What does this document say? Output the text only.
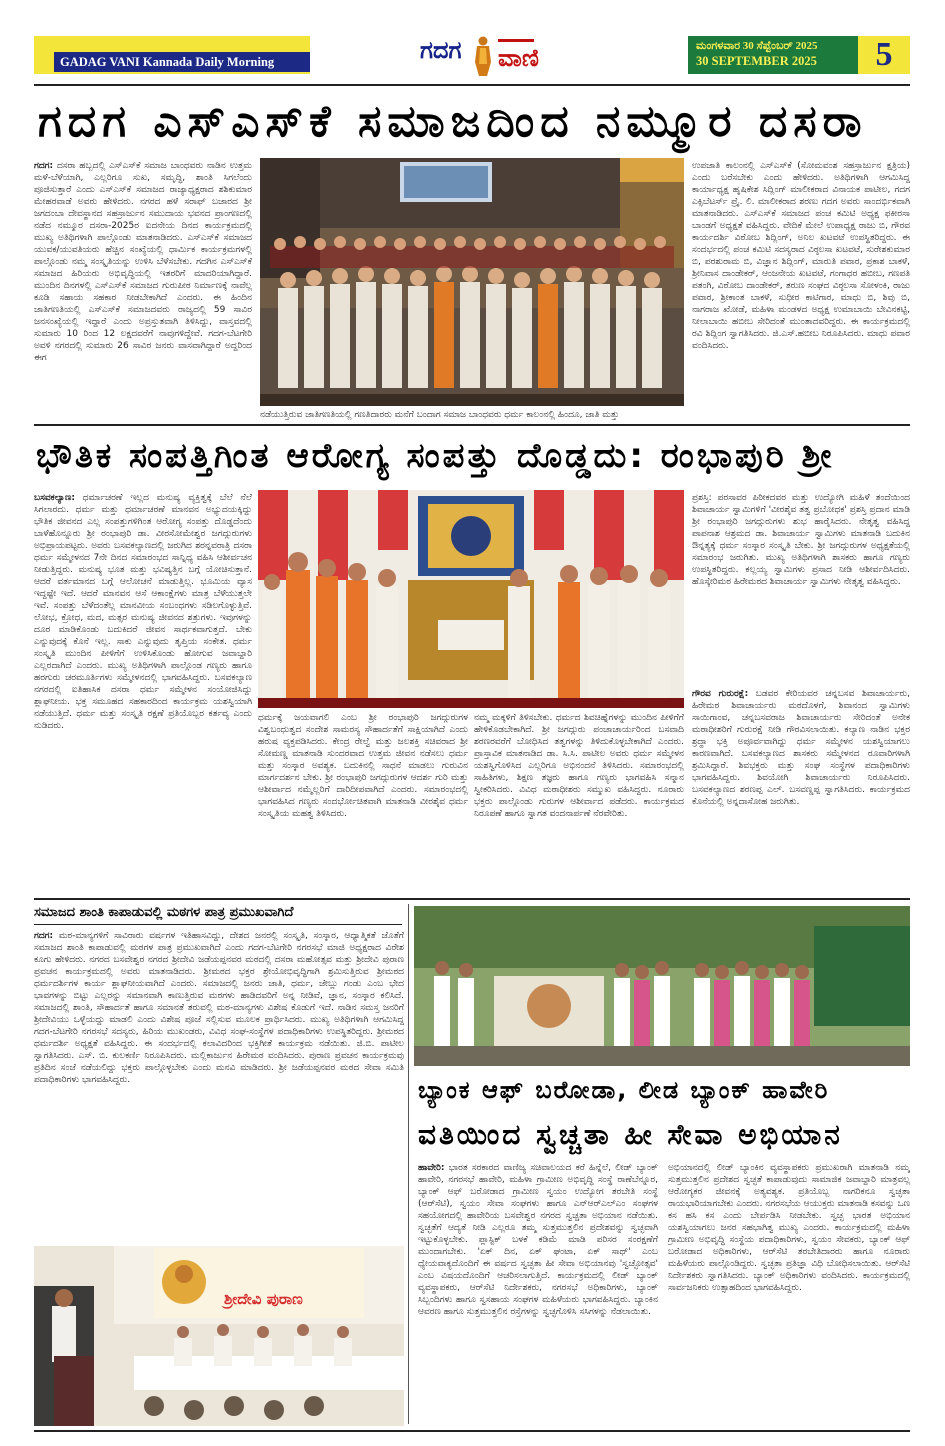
GADAG VANI Kannada Daily Morning	ಗದಗ ವಾಣಿ	ಮಂಗಳವಾರ 30 ಸೆಪ್ಟೆಂಬರ್ 2025
30 SEPTEMBER 2025	5
ಗದಗ ಎಸ್‌ಎಸ್‌ಕೆ ಸಮಾಜದಿಂದ ನಮ್ಮೂರ ದಸರಾ

ಗದಗ: ದಸರಾ ಹಬ್ಬದಲ್ಲಿ ಎಸ್‌ಎಸ್‌ಕೆ ಸಮಾಜ ಬಾಂಧವರು ನಾಡಿನ ಉತ್ತಮ ಮಳೆ-ಬೆಳೆಯಾಗಿ, ಎಲ್ಲರಿಗೂ ಸುಖ, ಸಮೃದ್ಧಿ, ಶಾಂತಿ ಸಿಗಲೆಂದು ಪೂಜಿಸುತ್ತಾರೆ ಎಂದು ಎಸ್‌ಎಸ್‌ಕೆ ಸಮಾಜದ ರಾಜ್ಯಾಧ್ಯಕ್ಷರಾದ ಶಶಿಕುಮಾರ ಮೇಹರವಾಡೆ ಅವರು ಹೇಳಿದರು. ನಗರದ ಹಳೆ ಸರಾಫ್ ಬಜಾರದ ಶ್ರೀ ಜಗದಂಬಾ ದೇವಸ್ಥಾನದ ಸಹಸ್ರಾರ್ಜುನ ಸಮುದಾಯ ಭವನದ ಪ್ರಾಂಗಣದಲ್ಲಿ ನಡೆದ ನಮ್ಮೂರ ದಸರಾ-2025ರ ಐದನೇಯ ದಿನದ ಕಾರ್ಯಕ್ರಮದಲ್ಲಿ ಮುಖ್ಯ ಅತಿಥಿಗಳಾಗಿ ಪಾಲ್ಗೊಂಡು ಮಾತನಾಡಿದರು. ಎಸ್‌ಎಸ್‌ಕೆ ಸಮಾಜದ ಯುವಕ/ಯುವತಿಯರು ಹೆಚ್ಚಿನ ಸಂಖ್ಯೆಯಲ್ಲಿ ಧಾರ್ಮಿಕ ಕಾರ್ಯಕ್ರಮಗಳಲ್ಲಿ ಪಾಲ್ಗೊಂಡು ನಮ್ಮ ಸಂಸ್ಕೃತಿಯನ್ನು ಉಳಿಸಿ ಬೆಳೆಸಬೇಕು. ಗದಗಿನ ಎಸ್‌ಎಸ್‌ಕೆ ಸಮಾಜದ ಹಿರಿಯರು ಅಭಿವೃದ್ಧಿಯಲ್ಲಿ ಇತರರಿಗೆ ಮಾದರಿಯಾಗಿದ್ದಾರೆ. ಮುಂದಿನ ದಿನಗಳಲ್ಲಿ ಎಸ್‌ಎಸ್‌ಕೆ ಸಮಾಜದ ಗುರುಪೀಠ ನಿರ್ಮಾಣಕ್ಕೆ ನಾವೆಲ್ಲ ಕೂಡಿ ಸಹಾಯ ಸಹಕಾರ ನೀಡಬೇಕಾಗಿದೆ ಎಂದರು. ಈ ಹಿಂದಿನ ಜಾತಿಗಣತಿಯಲ್ಲಿ ಎಸ್‌ಎಸ್‌ಕೆ ಸಮಾಜದವರು ರಾಜ್ಯದಲ್ಲಿ 59 ಸಾವಿರ ಜನಸಂಖ್ಯೆಯಲ್ಲಿ ಇದ್ದಾರೆ ಎಂದು ಅಪ್ರಸ್ತುತವಾಗಿ ತಿಳಿಸಿದ್ದು, ವಾಸ್ತವದಲ್ಲಿ ಸುಮಾರು 10 ರಿಂದ 12 ಲಕ್ಷದವರೆಗೆ ನಾವುಗಳಿದ್ದೇವೆ. ಗದಗ-ಬೆಟಗೇರಿ ಅವಳಿ ನಗರದಲ್ಲಿ ಸುಮಾರು 26 ಸಾವಿರ ಜನರು ವಾಸವಾಗಿದ್ದಾರೆ ಅದ್ದರಿಂದ ಈಗ

ನಡೆಯುತ್ತಿರುವ ಜಾತಿಗಣತಿಯಲ್ಲಿ ಗಣತಿದಾರರು ಮನೆಗೆ ಬಂದಾಗ ಸಮಾಜ ಬಾಂಧವರು ಧರ್ಮ ಕಾಲಂನಲ್ಲಿ ಹಿಂದೂ, ಜಾತಿ ಮತ್ತು
ಉಪಜಾತಿ ಕಾಲಂನಲ್ಲಿ ಎಸ್‌ಎಸ್‌ಕೆ (ಸೋಮವಂಶ ಸಹಸ್ರಾರ್ಜುನ ಕ್ಷತ್ರಿಯ) ಎಂದು ಬರೆಸಬೇಕು ಎಂದು ಹೇಳಿದರು. ಅತಿಥಿಗಳಾಗಿ ಆಗಮಿಸಿದ್ದ ಕಾರ್ಯಾಧ್ಯಕ್ಷ ಹೃಷಿಕೇಶ ಸಿದ್ಲಿಂಗ್ ಮಾಲೀಕರಾದ ವಿನಾಯಕ ಪಾಟೀಲ, ಗದಗ ಎಕ್ಸಿಬೆಟರ್ಸ್ ಪ್ರೈ. ಲಿ. ಮಾಲೀಕರಾದ ಶರಣು ಗದಗ ಅವರು ಸಾಂದರ್ಭಿಕವಾಗಿ ಮಾತನಾಡಿದರು. ಎಸ್‌ಎಸ್‌ಕೆ ಸಮಾಜದ ಪಂಚ ಕಮಿಟಿ ಅಧ್ಯಕ್ಷ ಫಕೀರಸಾ ಬಾಂಡಗೆ ಅಧ್ಯಕ್ಷತೆ ವಹಿಸಿದ್ದರು. ವೇದಿಕೆ ಮೇಲೆ ಉಪಾಧ್ಯಕ್ಷ ರಾಜು ಬಿ, ಗೌರವ ಕಾರ್ಯದರ್ಶಿ ವಿಠೋಬ ಶಿದ್ಲಿಂಗ್, ಅನಿಲ ಖಟವಟೆ ಉಪಸ್ಥಿತರಿದ್ದರು. ಈ ಸಂದರ್ಭದಲ್ಲಿ ಪಂಚ ಕಮಿಟಿ ಸದಸ್ಯರಾದ ವಿಠ್ಠಲಸಾ ಖಟವಟೆ, ಸುರೇಶಕುಮಾರ ಬಿ, ಪರಶುರಾಮ ಬಿ, ವಿಜ್ಞಾನ ಶಿದ್ಲಿಂಗ್, ಮಾರುತಿ ಪವಾರ, ಪ್ರಕಾಶ ಬಾಕಳೆ, ಶ್ರೀನಿವಾಸ ದಾಂಡೇಕರ್, ಆಂಜನೇಯ ಖಟವಟೆ, ಗಂಗಾಧರ ಹಬೀಬ, ಗಣಪತಿ ಪತಂಗಿ, ವಿಠೋಬ ದಾಂಡೇಕರ್, ತರುಣ ಸಂಘದ ವಿಠ್ಠಲಸಾ ಸೋಳಂಕಿ, ರಾಜು ಪವಾರ, ಶ್ರೀಕಾಂತ ಬಾಕಳೆ, ಸುಧೀರ ಕಾಟಿಗಾರ, ಮಾಧು ಬಿ, ಶಿವು ಬಿ, ನಾಗರಾಜ ಖೋಡೆ, ಮಹಿಳಾ ಮಂಡಳದ ಅಧ್ಯಕ್ಷ ಉಮಾಬಾಯಿ ಬೇವಿನಕಟ್ಟಿ, ನೀಲಾಬಾಯಿ ಹಬೀಬ ಸೇರಿದಂತೆ ಮುಂತಾದವರಿದ್ದರು. ಈ ಕಾರ್ಯಕ್ರಮದಲ್ಲಿ ರವಿ ಶಿದ್ಲಿಂಗ ಸ್ವಾಗತಿಸಿದರು. ಜಿ.ಎಸ್.ಹಬೀಬ ನಿರೂಪಿಸಿದರು. ಮಾಧು ಪವಾರ ವಂದಿಸಿದರು.
ಭೌತಿಕ ಸಂಪತ್ತಿಗಿಂತ ಆರೋಗ್ಯ ಸಂಪತ್ತು ದೊಡ್ಡದು: ರಂಭಾಪುರಿ ಶ್ರೀ

ಬಸವಕಲ್ಯಾಣ: ಧರ್ಮಾಚರಣೆ ಇಲ್ಲದ ಮನುಷ್ಯ ವ್ಯಕ್ತಿತ್ವಕ್ಕೆ ಬೆಲೆ ನೆಲೆ ಸಿಗಲಾರದು. ಧರ್ಮ ಮತ್ತು ಧರ್ಮಾಚರಣೆ ಮಾನವನ ಅಭ್ಯುದಯಕ್ಕಿದ್ದು ಭೌತಿಕ ಜೀವನದ ಎಲ್ಲ ಸಂಪತ್ತುಗಳಿಗಿಂತ ಆರೋಗ್ಯ ಸಂಪತ್ತು ದೊಡ್ಡದೆಂದು ಬಾಳೆಹೊನ್ನೂರು ಶ್ರೀ ರಂಭಾಪುರಿ ಡಾ. ವೀರಸೋಮೇಶ್ವರ ಜಗದ್ಗುರುಗಳು ಅಭಿಪ್ರಾಯಪಟ್ಟರು. ಅವರು ಬಸವಕಲ್ಯಾಣದಲ್ಲಿ ಜರುಗಿದ ಶರನ್ನವರಾತ್ರಿ ದಸರಾ ಧರ್ಮ ಸಮ್ಮೇಳನದ 7ನೇ ದಿನದ ಸಮಾರಂಭದ ಸಾನ್ನಿಧ್ಯ ವಹಿಸಿ ಆಶೀರ್ವಚನ ನೀಡುತ್ತಿದ್ದರು. ಮನುಷ್ಯ ಭೂತ ಮತ್ತು ಭವಿಷ್ಯತ್ತಿನ ಬಗ್ಗೆ ಯೋಚಿಸುತ್ತಾನೆ. ಆದರೆ ವರ್ತಮಾನದ ಬಗ್ಗೆ ಆಲೋಚನೆ ಮಾಡುತ್ತಿಲ್ಲ. ಭೂಮಿಯ ವ್ಯಾಸ ಇದ್ದಷ್ಟೇ ಇದೆ. ಆದರೆ ಮಾನವನ ಆಸೆ ಆಕಾಂಕ್ಷೆಗಳು ಮಾತ್ರ ಬೆಳೆಯುತ್ತಲೇ ಇವೆ. ಸಂಪತ್ತು ಬೆಳೆದಂತೆಲ್ಲ ಮಾನವೀಯ ಸಂಬಂಧಗಳು ಸಡಿಲಗೊಳ್ಳುತ್ತಿವೆ. ಲೋಭ, ಕ್ರೋಧ, ಮದ, ಮತ್ಸರ ಮನುಷ್ಯ ಜೀವನದ ಶತ್ರುಗಳು. ಇವುಗಳನ್ನು ದೂರ ಮಾಡಿಕೊಂಡು ಬದುಕಿದರೆ ಜೀವನ ಸಾರ್ಥಕವಾಗುತ್ತದೆ. ಬೇಕು ಎನ್ನುವುದಕ್ಕೆ ಕೊನೆ ಇಲ್ಲ. ಸಾಕು ಎನ್ನುವುದು ತೃಪ್ತಿಯ ಸಂಕೇತ. ಧರ್ಮ ಸಂಸ್ಕೃತಿ ಮುಂದಿನ ಪೀಳಿಗೆಗೆ ಉಳಿಸಿಕೊಂಡು ಹೋಗುವ ಜವಾಬ್ದಾರಿ ಎಲ್ಲರದಾಗಿದೆ ಎಂದರು. ಮುಖ್ಯ ಅತಿಥಿಗಳಾಗಿ ಪಾಲ್ಗೊಂಡ ಗಣ್ಯರು ಹಾಗೂ ಹರಗುರು ಚರಮೂರ್ತಿಗಳು ಸಮ್ಮೇಳನದಲ್ಲಿ ಭಾಗವಹಿಸಿದ್ದರು. ಬಸವಕಲ್ಯಾಣ ನಗರದಲ್ಲಿ ಐತಿಹಾಸಿಕ ದಸರಾ ಧರ್ಮ ಸಮ್ಮೇಳನ ಸಂಯೋಜಿಸಿದ್ದು ಶ್ಲಾಘನೀಯ. ಭಕ್ತ ಸಮೂಹದ ಸಹಕಾರದಿಂದ ಕಾರ್ಯಕ್ರಮ ಯಶಸ್ವಿಯಾಗಿ ನಡೆಯುತ್ತಿದೆ. ಧರ್ಮ ಮತ್ತು ಸಂಸ್ಕೃತಿ ರಕ್ಷಣೆ ಪ್ರತಿಯೊಬ್ಬರ ಕರ್ತವ್ಯ ಎಂದು ನುಡಿದರು.

ಧರ್ಮಕ್ಕೆ ಜಯವಾಗಲಿ ಎಂಬ ಶ್ರೀ ರಂಭಾಪುರಿ ಜಗದ್ಗುರುಗಳ ವಿಶ್ವಬಂಧುತ್ವದ ಸಂದೇಶ ಸಾಮರಸ್ಯ ಸೌಹಾರ್ದತೆಗೆ ಸಾಕ್ಷಿಯಾಗಿದೆ ಎಂದು ಹರುಷ ವ್ಯಕ್ತಪಡಿಸಿದರು. ಕೇಂದ್ರ ರೇಲ್ವೆ ಮತ್ತು ಜಲಶಕ್ತಿ ಸಚಿವರಾದ ಶ್ರೀ ಸೋಮಣ್ಣ ಮಾತನಾಡಿ ಸುಂದರವಾದ ಉತ್ತಮ ಜೀವನ ನಡೆಸಲು ಧರ್ಮ ಮತ್ತು ಸಂಸ್ಕಾರ ಅವಶ್ಯಕ. ಬದುಕಿನಲ್ಲಿ ಸಾಧನೆ ಮಾಡಲು ಗುರುವಿನ ಮಾರ್ಗದರ್ಶನ ಬೇಕು. ಶ್ರೀ ರಂಭಾಪುರಿ ಜಗದ್ಗುರುಗಳ ಆದರ್ಶ ಗುರಿ ಮತ್ತು ಆಶೀರ್ವಾದ ನಮ್ಮೆಲ್ಲರಿಗೆ ದಾರಿದೀಪವಾಗಿದೆ ಎಂದರು. ಸಮಾರಂಭದಲ್ಲಿ ಭಾಗವಹಿಸಿದ ಗಣ್ಯರು ಸಂದರ್ಭೋಚಿತವಾಗಿ ಮಾತನಾಡಿ ವೀರಶೈವ ಧರ್ಮ ಸಂಸ್ಕೃತಿಯ ಮಹತ್ವ ತಿಳಿಸಿದರು.
ನಮ್ಮ ಮಕ್ಕಳಿಗೆ ತಿಳಿಸಬೇಕು. ಧರ್ಮದ ಶಿವಚಿಹ್ನೆಗಳನ್ನು ಮುಂದಿನ ಪೀಳಿಗೆಗೆ ಹೇಳಿಕೊಡಬೇಕಾಗಿದೆ. ಶ್ರೀ ಜಗದ್ಗುರು ಪಂಚಾಚಾರ್ಯರಿಂದ ಬಸವಾದಿ ಶರಣರವರೆಗೆ ಬೋಧಿಸಿದ ತತ್ವಗಳನ್ನು ತಿಳಿದುಕೊಳ್ಳಬೇಕಾಗಿದೆ ಎಂದರು. ಪ್ರಾಸ್ತಾವಿಕ ಮಾತನಾಡಿದ ಡಾ. ಸಿ.ಸಿ. ಪಾಟೀಲ ಅವರು ಧರ್ಮ ಸಮ್ಮೇಳನ ಯಶಸ್ವಿಗೊಳಿಸಿದ ಎಲ್ಲರಿಗೂ ಅಭಿನಂದನೆ ತಿಳಿಸಿದರು. ಸಮಾರಂಭದಲ್ಲಿ ಸಾಹಿತಿಗಳು, ಶಿಕ್ಷಣ ತಜ್ಞರು ಹಾಗೂ ಗಣ್ಯರು ಭಾಗವಹಿಸಿ ಸನ್ಮಾನ ಸ್ವೀಕರಿಸಿದರು. ವಿವಿಧ ಮಠಾಧೀಶರು ಸಮ್ಮುಖ ವಹಿಸಿದ್ದರು. ನೂರಾರು ಭಕ್ತರು ಪಾಲ್ಗೊಂಡು ಗುರುಗಳ ಆಶೀರ್ವಾದ ಪಡೆದರು. ಕಾರ್ಯಕ್ರಮದ ನಿರೂಪಣೆ ಹಾಗೂ ಸ್ವಾಗತ ವಂದನಾರ್ಪಣೆ ನೆರವೇರಿತು.
ಪ್ರಶಸ್ತಿ: ಪರಸಾವರ ಪಿಠೀಕದವರ ಮತ್ತು ಉದ್ಯೋಗಿ ಮಹಿಳೆ ತಂದೆಯಿಂದ ಶಿವಾಚಾರ್ಯ ಸ್ವಾಮಿಗಳಿಗೆ 'ವೀರಶೈವ ತತ್ವ ಪ್ರಬೋಧಕ' ಪ್ರಶಸ್ತಿ ಪ್ರದಾನ ಮಾಡಿ ಶ್ರೀ ರಂಭಾಪುರಿ ಜಗದ್ಗುರುಗಳು ಶುಭ ಹಾರೈಸಿದರು. ನೇತೃತ್ವ ವಹಿಸಿದ್ದ ಪಾಪನಾಶ ಆಶ್ರಮದ ಡಾ. ಶಿವಾಚಾರ್ಯ ಸ್ವಾಮಿಗಳು ಮಾತನಾಡಿ ಬದುಕಿನ ಔನ್ನತ್ಯಕ್ಕೆ ಧರ್ಮ ಸಂಸ್ಕಾರ ಸಂಸ್ಕೃತಿ ಬೇಕು. ಶ್ರೀ ಜಗದ್ಗುರುಗಳ ಅಧ್ಯಕ್ಷತೆಯಲ್ಲಿ ಸಮಾರಂಭ ಜರುಗಿತು. ಮುಖ್ಯ ಅತಿಥಿಗಳಾಗಿ ಶಾಸಕರು ಹಾಗೂ ಗಣ್ಯರು ಉಪಸ್ಥಿತರಿದ್ದರು. ಕಲ್ಲಯ್ಯ ಸ್ವಾಮಿಗಳು ಪ್ರಸಾದ ನೀಡಿ ಆಶೀರ್ವದಿಸಿದರು. ಹೊಸ್ಕೇರಿಮಠ ಹಿರೇಮಠದ ಶಿವಾಚಾರ್ಯ ಸ್ವಾಮಿಗಳು ನೇತೃತ್ವ ವಹಿಸಿದ್ದರು.

ಗೌರವ ಗುರುರಕ್ಷೆ: ಬಡವರ ಕೇರಿಯವರ ಚನ್ನಬಸವ ಶಿವಾಚಾರ್ಯರು, ಹಿರೇಮಠ ಶಿವಾಚಾರ್ಯರು ಮಠದೊಳಗೆ, ಶಿವಾನಂದ ಸ್ವಾಮಿಗಳು ಸಾಯಿಗಾಂವ, ಚನ್ನಬಸವರಾಜ ಶಿವಾಚಾರ್ಯರು ಸೇರಿದಂತೆ ಅನೇಕ ಮಠಾಧೀಶರಿಗೆ ಗುರುರಕ್ಷೆ ನೀಡಿ ಗೌರವಿಸಲಾಯಿತು. ಕಲ್ಯಾಣ ನಾಡಿನ ಭಕ್ತರ ಶ್ರದ್ಧಾ ಭಕ್ತಿ ಅಪೂರ್ವವಾಗಿದ್ದು ಧರ್ಮ ಸಮ್ಮೇಳನ ಯಶಸ್ವಿಯಾಗಲು ಕಾರಣವಾಗಿದೆ. ಬಸವಕಲ್ಯಾಣದ ಶಾಸಕರು ಸಮ್ಮೇಳನದ ರೂವಾರಿಗಳಾಗಿ ಶ್ರಮಿಸಿದ್ದಾರೆ. ಶಿವಭಕ್ತರು ಮತ್ತು ಸಂಘ ಸಂಸ್ಥೆಗಳ ಪದಾಧಿಕಾರಿಗಳು ಭಾಗವಹಿಸಿದ್ದರು. ಶಿವಯೋಗಿ ಶಿವಾಚಾರ್ಯರು ನಿರೂಪಿಸಿದರು. ಬಸವಕಲ್ಯಾಣದ ಶರಣಪ್ಪ ಎಲ್. ಬಸವಣ್ಣಪ್ಪ ಸ್ವಾಗತಿಸಿದರು. ಕಾರ್ಯಕ್ರಮದ ಕೊನೆಯಲ್ಲಿ ಅನ್ನದಾಸೋಹ ಜರುಗಿತು.

ಸಮಾಜದ ಶಾಂತಿ ಕಾಪಾಡುವಲ್ಲಿ ಮಠಗಳ ಪಾತ್ರ ಪ್ರಮುಖವಾಗಿದೆ

ಗದಗ: ಮಠ-ಮಾನ್ಯಗಳಿಗೆ ಸಾವಿರಾರು ವರ್ಷಗಳ ಇತಿಹಾಸವಿದ್ದು, ದೇಶದ ಜನರಲ್ಲಿ ಸಂಸ್ಕೃತಿ, ಸಂಸ್ಕಾರ, ಆಧ್ಯಾತ್ಮಿಕತೆ ಜೊತೆಗೆ ಸಮಾಜದ ಶಾಂತಿ ಕಾಪಾಡುವಲ್ಲಿ ಮಠಗಳ ಪಾತ್ರ ಪ್ರಮುಖವಾಗಿದೆ ಎಂದು ಗದಗ-ಬೆಟಗೇರಿ ನಗರಸಭೆ ಮಾಜಿ ಅಧ್ಯಕ್ಷರಾದ ವಿರೇಶ ಕೂಗು ಹೇಳಿದರು. ನಗರದ ಬಸವೇಶ್ವರ ನಗರದ ಶ್ರೀದೇವಿ ಜಡೆಯಪ್ಪನವರ ಮಠದಲ್ಲಿ ದಸರಾ ಮಹೋತ್ಸವ ಮತ್ತು ಶ್ರೀದೇವಿ ಪುರಾಣ ಪ್ರವಚನ ಕಾರ್ಯಕ್ರಮದಲ್ಲಿ ಅವರು ಮಾತನಾಡಿದರು. ಶ್ರೀಮಠದ ಭಕ್ತರ ಶ್ರೇಯೋಭಿವೃದ್ಧಿಗಾಗಿ ಶ್ರಮಿಸುತ್ತಿರುವ ಶ್ರೀಮಠದ ಧರ್ಮದರ್ಶಿಗಳ ಕಾರ್ಯ ಶ್ಲಾಘನೀಯವಾಗಿದೆ ಎಂದರು. ಸಮಾಜದಲ್ಲಿ ಜನರು ಜಾತಿ, ಧರ್ಮ, ಜೇಬ್ಲು ಗಂಡು ಎಂಬ ಭೇದ ಭಾವಗಳನ್ನು ಬಿಟ್ಟು ಎಲ್ಲರನ್ನು ಸಮಾನವಾಗಿ ಕಾಣುತ್ತಿರುವ ಮಠಗಳು ಹಾಡಿದವರಿಗೆ ಅನ್ನ ನೀಡಿವೆ, ಜ್ಞಾನ, ಸಂಸ್ಕಾರ ಕಲಿಸಿದೆ. ಸಮಾಜದಲ್ಲಿ ಶಾಂತಿ, ಸೌಹಾರ್ದತೆ ಹಾಗೂ ಸಮಾನತೆ ತರುವಲ್ಲಿ ಮಠ-ಮಾನ್ಯಗಳು ವಿಶೇಷ ಕೊಡುಗೆ ಇದೆ. ನಾಡಿನ ಸಮಸ್ತ ಜನರಿಗೆ ಶ್ರೀದೇವಿಯು ಒಳ್ಳೆಯದ್ದು ಮಾಡಲಿ ಎಂದು ವಿಶೇಷ ಪೂಜೆ ಸಲ್ಲಿಸುವ ಮೂಲಕ ಪ್ರಾರ್ಥಿಸಿದರು. ಮುಖ್ಯ ಅತಿಥಿಗಳಾಗಿ ಆಗಮಿಸಿದ್ದ ಗದಗ-ಬೆಟಗೇರಿ ನಗರಸಭೆ ಸದಸ್ಯರು, ಹಿರಿಯ ಮುಖಂಡರು, ವಿವಿಧ ಸಂಘ-ಸಂಸ್ಥೆಗಳ ಪದಾಧಿಕಾರಿಗಳು ಉಪಸ್ಥಿತರಿದ್ದರು. ಶ್ರೀಮಠದ ಧರ್ಮದರ್ಶಿ ಅಧ್ಯಕ್ಷತೆ ವಹಿಸಿದ್ದರು. ಈ ಸಂದರ್ಭದಲ್ಲಿ ಕಲಾವಿದರಿಂದ ಭಕ್ತಿಗೀತೆ ಕಾರ್ಯಕ್ರಮ ನಡೆಯಿತು. ಜಿ.ಬಿ. ಪಾಟೀಲ ಸ್ವಾಗತಿಸಿದರು. ಎಸ್. ಬಿ. ಕುಲಕರ್ಣಿ ನಿರೂಪಿಸಿದರು. ಮಲ್ಲಿಕಾರ್ಜುನ ಹಿರೇಮಠ ವಂದಿಸಿದರು. ಪುರಾಣ ಪ್ರವಚನ ಕಾರ್ಯಕ್ರಮವು ಪ್ರತಿದಿನ ಸಂಜೆ ನಡೆಯಲಿದ್ದು ಭಕ್ತರು ಪಾಲ್ಗೊಳ್ಳಬೇಕು ಎಂದು ಮನವಿ ಮಾಡಿದರು. ಶ್ರೀ ಜಡೆಯಪ್ಪನವರ ಮಠದ ಸೇವಾ ಸಮಿತಿ ಪದಾಧಿಕಾರಿಗಳು ಭಾಗವಹಿಸಿದ್ದರು.

ಶ್ರೀದೇವಿ ಪುರಾಣ
ಬ್ಯಾಂಕ ಆಫ್ ಬರೋಡಾ, ಲೀಡ ಬ್ಯಾಂಕ್ ಹಾವೇರಿ
ವತಿಯಿಂದ ಸ್ವಚ್ಚತಾ ಹೀ ಸೇವಾ ಅಭಿಯಾನ

ಹಾವೇರಿ: ಭಾರತ ಸರಕಾರದ ವಾಣಿಜ್ಯ ಸಚಿವಾಲಯದ ಕರೆ ಹಿನ್ನೆಲೆ, ಲೀಡ್ ಬ್ಯಾಂಕ್ ಹಾವೇರಿ, ನಗರಸಭೆ ಹಾವೇರಿ, ಮಹಿಳಾ ಗ್ರಾಮೀಣ ಅಭಿವೃದ್ಧಿ ಸಂಸ್ಥೆ ರಾಣೆಬೆನ್ನೂರ, ಬ್ಯಾಂಕ್ ಆಫ್ ಬರೋಡಾದ ಗ್ರಾಮೀಣ ಸ್ವಯಂ ಉದ್ಯೋಗ ತರಬೇತಿ ಸಂಸ್ಥೆ (ಆರ್‌ಸೆಟಿ), ಸ್ವಯಂ ಸೇವಾ ಸಂಘಗಳು ಹಾಗೂ ಎನ್‌ಆರ್‌ಎಲ್‌ಎಂ ಸಂಘಗಳ ಸಹಯೋಗದಲ್ಲಿ ಹಾವೇರಿಯ ಬಸವೇಶ್ವರ ನಗರದ ಸ್ವಚ್ಚತಾ ಅಭಿಯಾನ ನಡೆಯಿತು. ಸ್ವಚ್ಛತೆಗೆ ಆದ್ಯತೆ ನೀಡಿ ಎಲ್ಲರೂ ತಮ್ಮ ಸುತ್ತಮುತ್ತಲಿನ ಪ್ರದೇಶವನ್ನು ಸ್ವಚ್ಛವಾಗಿ ಇಟ್ಟುಕೊಳ್ಳಬೇಕು. ಪ್ಲಾಸ್ಟಿಕ್ ಬಳಕೆ ಕಡಿಮೆ ಮಾಡಿ ಪರಿಸರ ಸಂರಕ್ಷಣೆಗೆ ಮುಂದಾಗಬೇಕು. 'ಏಕ್ ದಿನ, ಏಕ್ ಘಂಟಾ, ಏಕ್ ಸಾಥ್' ಎಂಬ ಧ್ಯೇಯವಾಕ್ಯದೊಂದಿಗೆ ಈ ವರ್ಷದ ಸ್ವಚ್ಛತಾ ಹೀ ಸೇವಾ ಅಭಿಯಾನವು 'ಸ್ವಚ್ಛೋತ್ಸವ' ಎಂಬ ವಿಷಯದೊಂದಿಗೆ ಆಚರಿಸಲಾಗುತ್ತಿದೆ. ಕಾರ್ಯಕ್ರಮದಲ್ಲಿ ಲೀಡ್ ಬ್ಯಾಂಕ್ ವ್ಯವಸ್ಥಾಪಕರು, ಆರ್‌ಸೆಟಿ ನಿರ್ದೇಶಕರು, ನಗರಸಭೆ ಅಧಿಕಾರಿಗಳು, ಬ್ಯಾಂಕ್ ಸಿಬ್ಬಂದಿಗಳು ಹಾಗೂ ಸ್ವಸಹಾಯ ಸಂಘಗಳ ಮಹಿಳೆಯರು ಭಾಗವಹಿಸಿದ್ದರು. ಬ್ಯಾಂಕಿನ ಆವರಣ ಹಾಗೂ ಸುತ್ತಮುತ್ತಲಿನ ರಸ್ತೆಗಳನ್ನು ಸ್ವಚ್ಛಗೊಳಿಸಿ ಸಸಿಗಳನ್ನು ನೆಡಲಾಯಿತು.

ಅಭಿಯಾನದಲ್ಲಿ ಲೀಡ್ ಬ್ಯಾಂಕಿನ ವ್ಯವಸ್ಥಾಪಕರು ಪ್ರಮುಖರಾಗಿ ಮಾತನಾಡಿ ನಮ್ಮ ಸುತ್ತಮುತ್ತಲಿನ ಪ್ರದೇಶದ ಸ್ವಚ್ಛತೆ ಕಾಪಾಡುವುದು ಸಾಮಾಜಿಕ ಜವಾಬ್ದಾರಿ ಮಾತ್ರವಲ್ಲ ಆರೋಗ್ಯಕರ ಜೀವನಕ್ಕೆ ಅತ್ಯವಶ್ಯಕ. ಪ್ರತಿಯೊಬ್ಬ ನಾಗರಿಕನೂ ಸ್ವಚ್ಛತಾ ರಾಯಭಾರಿಯಾಗಬೇಕು ಎಂದರು. ನಗರಸಭೆಯ ಆಯುಕ್ತರು ಮಾತನಾಡಿ ಕಸವನ್ನು ಒಣ ಕಸ ಹಸಿ ಕಸ ಎಂದು ಬೇರ್ಪಡಿಸಿ ನೀಡಬೇಕು. ಸ್ವಚ್ಛ ಭಾರತ ಅಭಿಯಾನ ಯಶಸ್ವಿಯಾಗಲು ಜನರ ಸಹಭಾಗಿತ್ವ ಮುಖ್ಯ ಎಂದರು. ಕಾರ್ಯಕ್ರಮದಲ್ಲಿ ಮಹಿಳಾ ಗ್ರಾಮೀಣ ಅಭಿವೃದ್ಧಿ ಸಂಸ್ಥೆಯ ಪದಾಧಿಕಾರಿಗಳು, ಸ್ವಯಂ ಸೇವಕರು, ಬ್ಯಾಂಕ್ ಆಫ್ ಬರೋಡಾದ ಅಧಿಕಾರಿಗಳು, ಆರ್‌ಸೆಟಿ ತರಬೇತಿದಾರರು ಹಾಗೂ ನೂರಾರು ಮಹಿಳೆಯರು ಪಾಲ್ಗೊಂಡಿದ್ದರು. ಸ್ವಚ್ಛತಾ ಪ್ರತಿಜ್ಞಾ ವಿಧಿ ಬೋಧಿಸಲಾಯಿತು. ಆರ್‌ಸೆಟಿ ನಿರ್ದೇಶಕರು ಸ್ವಾಗತಿಸಿದರು. ಬ್ಯಾಂಕ್ ಅಧಿಕಾರಿಗಳು ವಂದಿಸಿದರು. ಕಾರ್ಯಕ್ರಮದಲ್ಲಿ ಸಾರ್ವಜನಿಕರು ಉತ್ಸಾಹದಿಂದ ಭಾಗವಹಿಸಿದ್ದರು.
